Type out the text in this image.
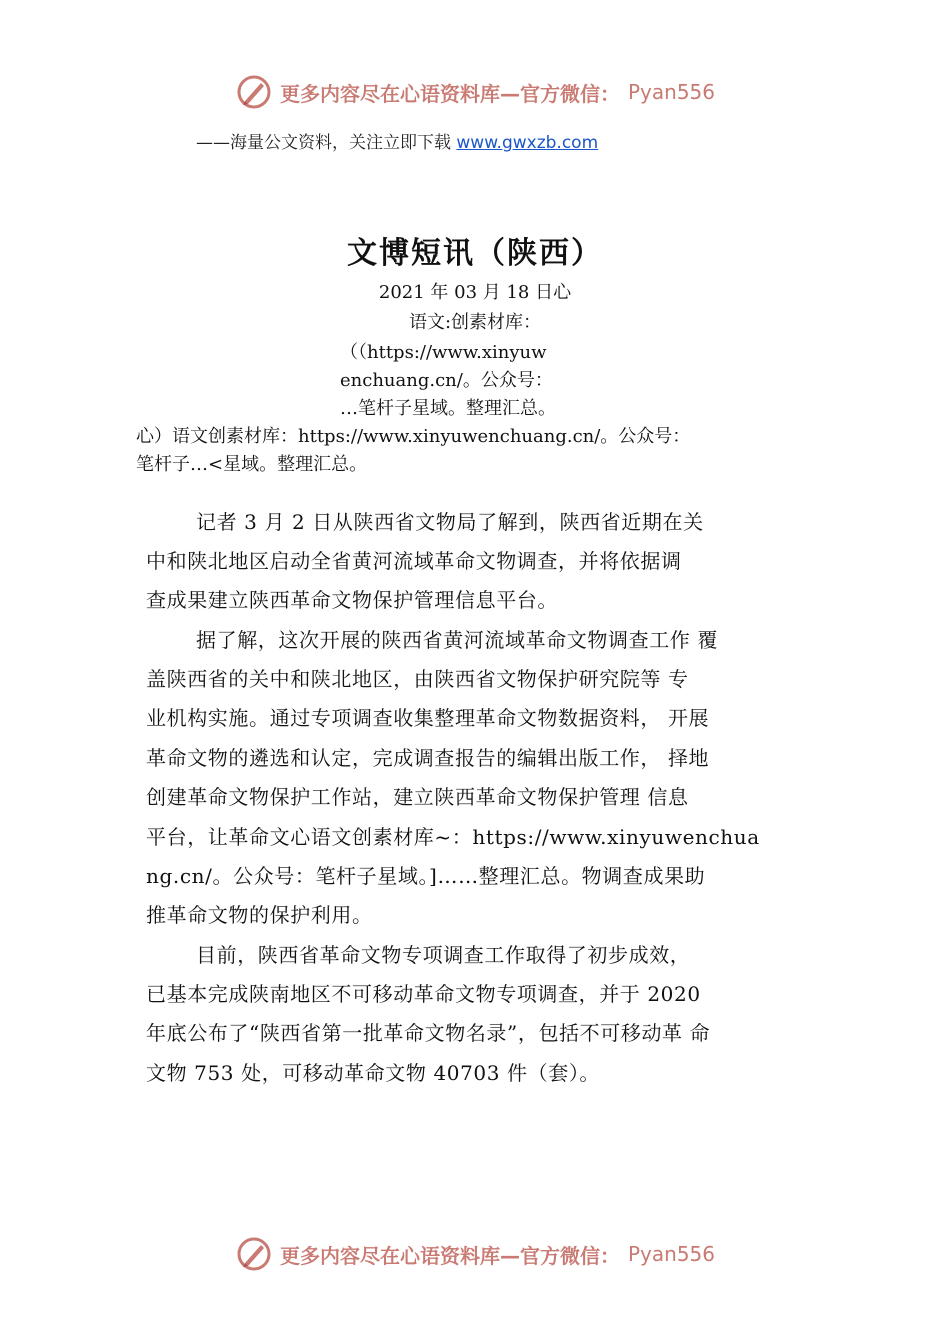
更多内容尽在心语资料库—官方微信： Pyan556
——海量公文资料，关注立即下载 www.gwxzb.com
文博短讯（陕西）
2021 年 03 月 18 日心
语文:创素材库：
（（https://www.xinyuw
enchuang.cn/。公众号：
…笔杆子星域。整理汇总。
心）语文创素材库：https://www.xinyuwenchuang.cn/。公众号：
笔杆子…<星域。整理汇总。
记者 3 月 2 日从陕西省文物局了解到，陕西省近期在关
中和陕北地区启动全省黄河流域革命文物调查，并将依据调
查成果建立陕西革命文物保护管理信息平台。
据了解，这次开展的陕西省黄河流域革命文物调查工作 覆
盖陕西省的关中和陕北地区，由陕西省文物保护研究院等 专
业机构实施。通过专项调查收集整理革命文物数据资料， 开展
革命文物的遴选和认定，完成调查报告的编辑出版工作， 择地
创建革命文物保护工作站，建立陕西革命文物保护管理 信息
平台，让革命文心语文创素材库~：https://www.xinyuwenchua
ng.cn/。公众号：笔杆子星域。]……整理汇总。物调查成果助
推革命文物的保护利用。
目前，陕西省革命文物专项调查工作取得了初步成效，
已基本完成陕南地区不可移动革命文物专项调查，并于 2020
年底公布了“陕西省第一批革命文物名录”，包括不可移动革 命
文物 753 处，可移动革命文物 40703 件（套）。
更多内容尽在心语资料库—官方微信： Pyan556
